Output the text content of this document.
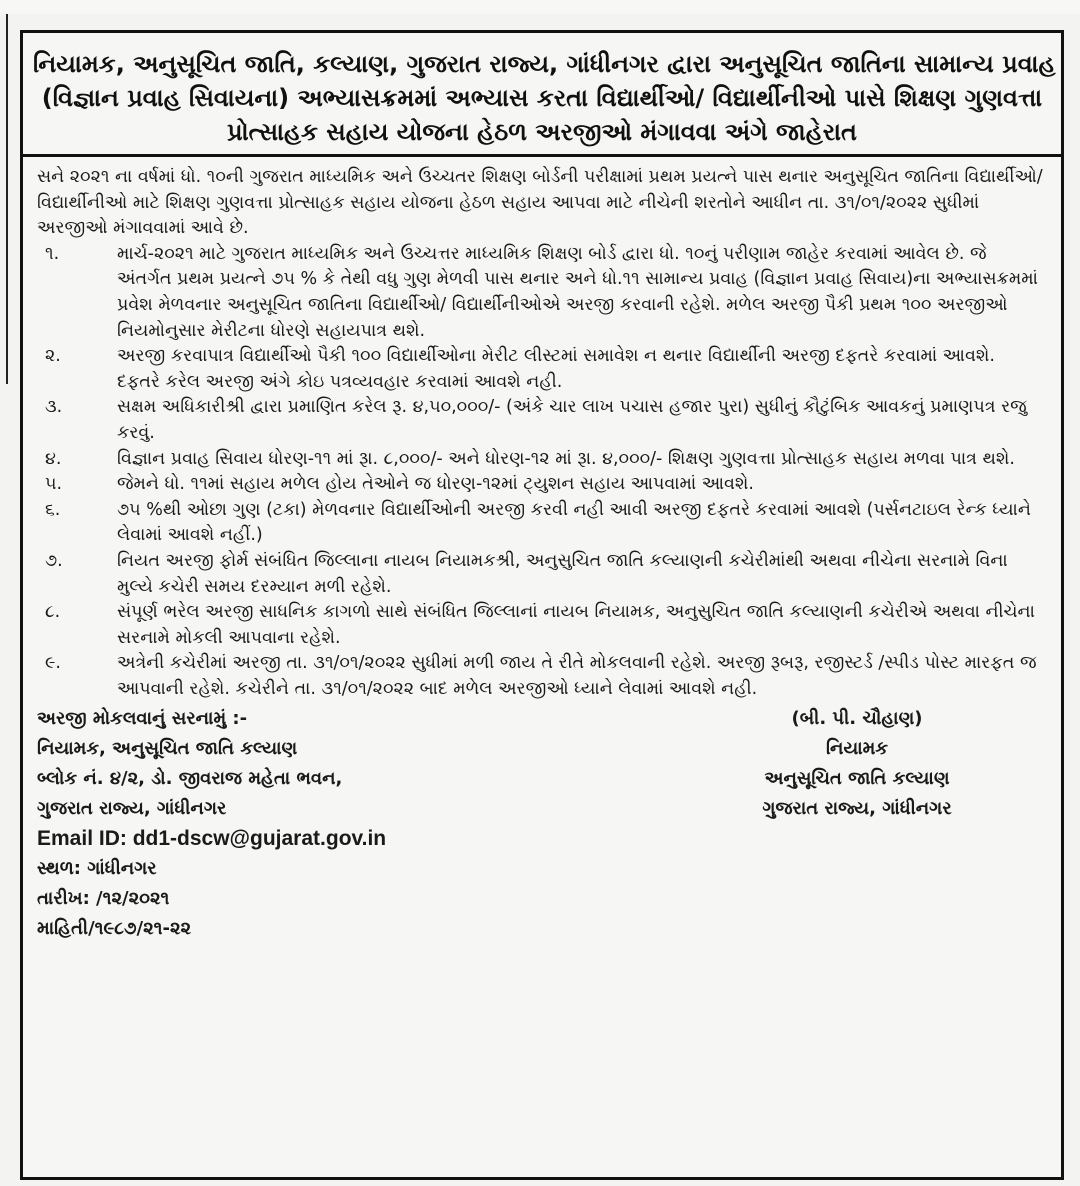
નિયામક, અનુસૂચિત જાતિ, કલ્યાણ, ગુજરાત રાજ્ય, ગાંધીનગર દ્વારા અનુસૂચિત જાતિના સામાન્ય પ્રવાહ
(વિજ્ઞાન પ્રવાહ સિવાયના) અભ્યાસક્રમમાં અભ્યાસ કરતા વિદ્યાર્થીઓ/ વિદ્યાર્થીનીઓ પાસે શિક્ષણ ગુણવત્તા
પ્રોત્સાહક સહાય યોજના હેઠળ અરજીઓ મંગાવવા અંગે જાહેરાત
સને ૨૦૨૧ ના વર્ષમાં ધો. ૧૦ની ગુજરાત માધ્યમિક અને ઉચ્ચતર શિક્ષણ બોર્ડની પરીક્ષામાં પ્રથમ પ્રયત્ને પાસ થનાર અનુસૂચિત જાતિના વિદ્યાર્થીઓ/ વિદ્યાર્થીનીઓ માટે શિક્ષણ ગુણવત્તા પ્રોત્સાહક સહાય યોજના હેઠળ સહાય આપવા માટે નીચેની શરતોને આધીન તા. ૩૧/૦૧/૨૦૨૨ સુધીમાં અરજીઓ મંગાવવામાં આવે છે.
૧.	માર્ચ-૨૦૨૧ માટે ગુજરાત માધ્યમિક અને ઉચ્ચત્તર માધ્યમિક શિક્ષણ બોર્ડ દ્વારા ધો. ૧૦નું પરીણામ જાહેર કરવામાં આવેલ છે. જે અંતર્ગત પ્રથમ પ્રયત્ને ૭૫ % કે તેથી વધુ ગુણ મેળવી પાસ થનાર અને ધો.૧૧ સામાન્ય પ્રવાહ (વિજ્ઞાન પ્રવાહ સિવાય)ના અભ્યાસક્રમમાં પ્રવેશ મેળવનાર અનુસૂચિત જાતિના વિદ્યાર્થીઓ/ વિદ્યાર્થીનીઓએ અરજી કરવાની રહેશે. મળેલ અરજી પૈકી પ્રથમ ૧૦૦ અરજીઓ નિયમોનુસાર મેરીટના ધોરણે સહાયપાત્ર થશે.
૨.	અરજી કરવાપાત્ર વિદ્યાર્થીઓ પૈકી ૧૦૦ વિદ્યાર્થીઓના મેરીટ લીસ્ટમાં સમાવેશ ન થનાર વિદ્યાર્થીની અરજી દફતરે કરવામાં આવશે. દફતરે કરેલ અરજી અંગે કોઇ પત્રવ્યવહાર કરવામાં આવશે નહી.
૩.	સક્ષમ અધિકારીશ્રી દ્વારા પ્રમાણિત કરેલ રૂ. ૪,૫૦,૦૦૦/- (અંકે ચાર લાખ પચાસ હજાર પુરા) સુધીનું કૌટુંબિક આવકનું પ્રમાણપત્ર રજુ કરવું.
૪.	વિજ્ઞાન પ્રવાહ સિવાય ધોરણ-૧૧ માં રૂા. ૮,૦૦૦/- અને ધોરણ-૧૨ માં રૂા. ૪,૦૦૦/- શિક્ષણ ગુણવત્તા પ્રોત્સાહક સહાય મળવા પાત્ર થશે.
૫.	જેમને ધો. ૧૧માં સહાય મળેલ હોય તેઓને જ ધોરણ-૧૨માં ટ્યુશન સહાય આપવામાં આવશે.
૬.	૭૫ %થી ઓછા ગુણ (ટકા) મેળવનાર વિદ્યાર્થીઓની અરજી કરવી નહી આવી અરજી દફતરે કરવામાં આવશે (પર્સનટાઇલ રેન્ક ધ્યાને લેવામાં આવશે નહીં.)
૭.	નિયત અરજી ફોર્મ સંબંધિત જિલ્લાના નાયબ નિયામકશ્રી, અનુસુચિત જાતિ કલ્યાણની કચેરીમાંથી અથવા નીચેના સરનામે વિના મુલ્યે કચેરી સમય દરમ્યાન મળી રહેશે.
૮.	સંપૂર્ણ ભરેલ અરજી સાધનિક કાગળો સાથે સંબંધિત જિલ્લાનાં નાયબ નિયામક, અનુસુચિત જાતિ કલ્યાણની કચેરીએ અથવા નીચેના સરનામે મોકલી આપવાના રહેશે.
૯.	અત્રેની કચેરીમાં અરજી તા. ૩૧/૦૧/૨૦૨૨ સુધીમાં મળી જાય તે રીતે મોકલવાની રહેશે. અરજી રૂબરૂ, રજીસ્ટર્ડ /સ્પીડ પોસ્ટ મારફત જ આપવાની રહેશે. કચેરીને તા. ૩૧/૦૧/૨૦૨૨ બાદ મળેલ અરજીઓ ધ્યાને લેવામાં આવશે નહી.
અરજી મોકલવાનું સરનામું :-
નિયામક, અનુસૂચિત જાતિ કલ્યાણ
બ્લોક નં. ૪/૨, ડો. જીવરાજ મહેતા ભવન,
ગુજરાત રાજ્ય, ગાંધીનગર
(બી. પી. ચૌહાણ)
નિયામક
અનુસૂચિત જાતિ કલ્યાણ
ગુજરાત રાજ્ય, ગાંધીનગર
Email ID: dd1-dscw@gujarat.gov.in
સ્થળ: ગાંધીનગર
તારીખ: /૧૨/૨૦૨૧
માહિતી/૧૯૮૭/૨૧-૨૨
